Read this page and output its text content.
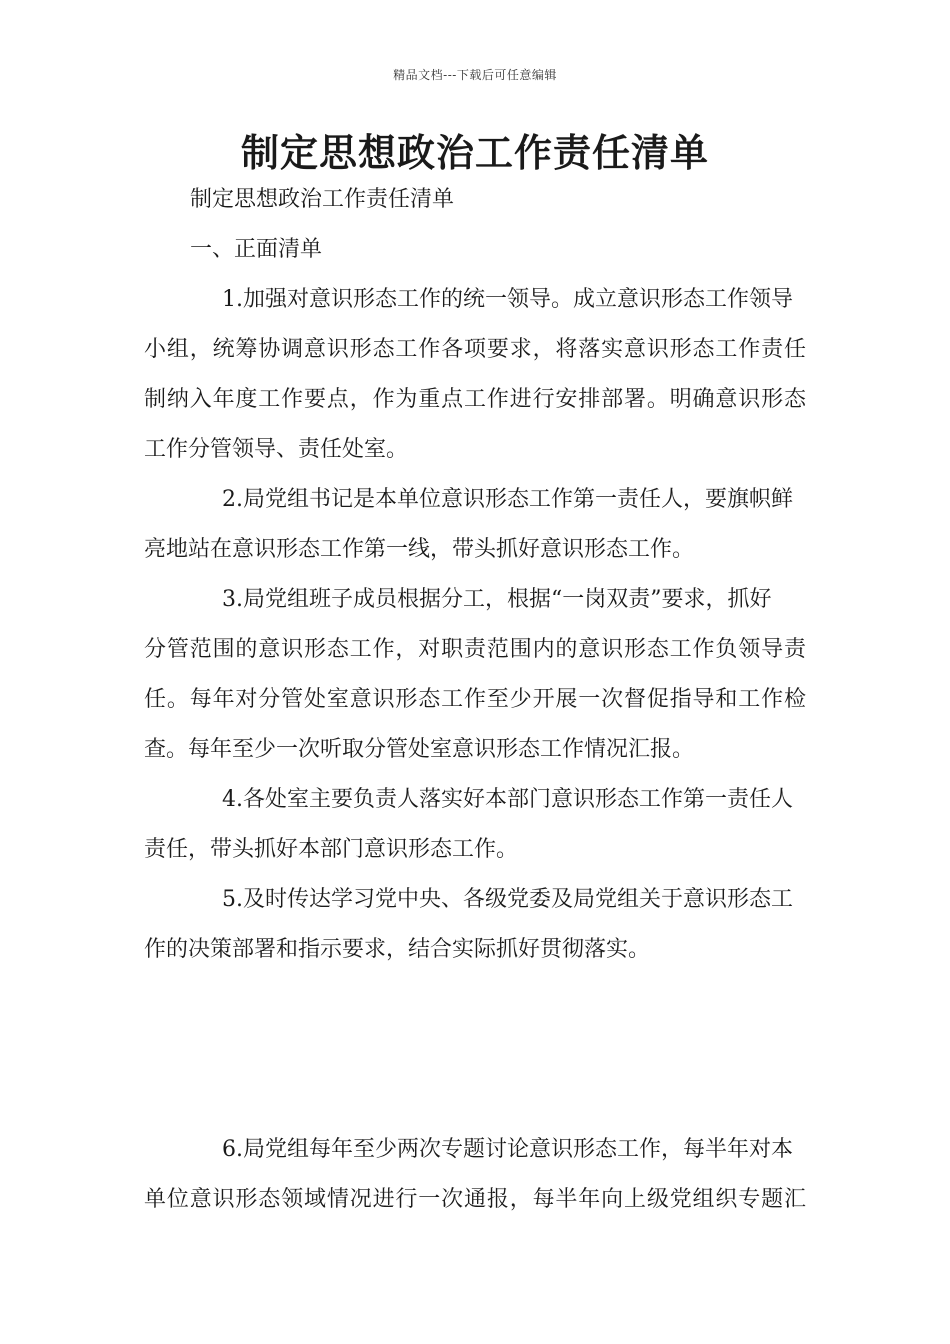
精品文档---下载后可任意编辑
制定思想政治工作责任清单
制定思想政治工作责任清单
一、正面清单
1.加强对意识形态工作的统一领导。成立意识形态工作领导
小组，统筹协调意识形态工作各项要求，将落实意识形态工作责任
制纳入年度工作要点，作为重点工作进行安排部署。明确意识形态
工作分管领导、责任处室。
2.局党组书记是本单位意识形态工作第一责任人，要旗帜鲜
亮地站在意识形态工作第一线，带头抓好意识形态工作。
3.局党组班子成员根据分工，根据“一岗双责”要求，抓好
分管范围的意识形态工作，对职责范围内的意识形态工作负领导责
任。每年对分管处室意识形态工作至少开展一次督促指导和工作检
查。每年至少一次听取分管处室意识形态工作情况汇报。
4.各处室主要负责人落实好本部门意识形态工作第一责任人
责任，带头抓好本部门意识形态工作。
5.及时传达学习党中央、各级党委及局党组关于意识形态工
作的决策部署和指示要求，结合实际抓好贯彻落实。
6.局党组每年至少两次专题讨论意识形态工作，每半年对本
单位意识形态领域情况进行一次通报，每半年向上级党组织专题汇
